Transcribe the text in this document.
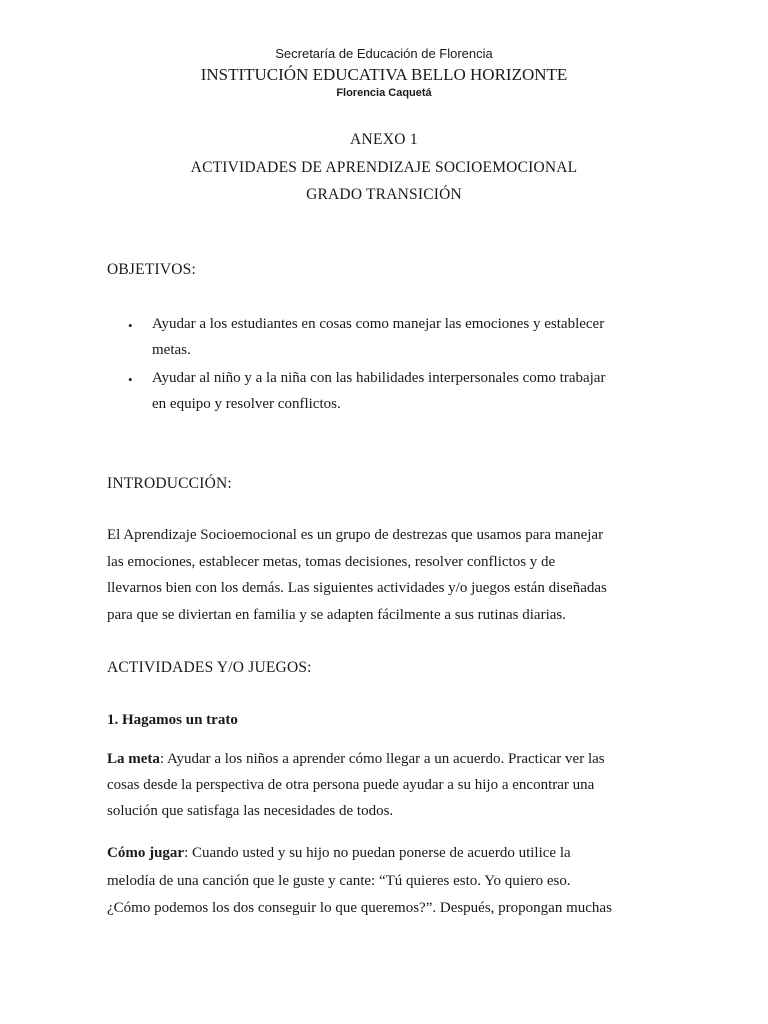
Secretaría de Educación de Florencia
INSTITUCIÓN EDUCATIVA BELLO HORIZONTE
Florencia Caquetá
ANEXO 1
ACTIVIDADES DE APRENDIZAJE SOCIOEMOCIONAL
GRADO TRANSICIÓN
OBJETIVOS:
• Ayudar a los estudiantes en cosas como manejar las emociones y establecer
metas.
• Ayudar al niño y a la niña con las habilidades interpersonales como trabajar
en equipo y resolver conflictos.
INTRODUCCIÓN:
El Aprendizaje Socioemocional es un grupo de destrezas que usamos para manejar
las emociones, establecer metas, tomas decisiones, resolver conflictos y de
llevarnos bien con los demás. Las siguientes actividades y/o juegos están diseñadas
para que se diviertan en familia y se adapten fácilmente a sus rutinas diarias.
ACTIVIDADES Y/O JUEGOS:
1. Hagamos un trato
La meta: Ayudar a los niños a aprender cómo llegar a un acuerdo. Practicar ver las
cosas desde la perspectiva de otra persona puede ayudar a su hijo a encontrar una
solución que satisfaga las necesidades de todos.
Cómo jugar: Cuando usted y su hijo no puedan ponerse de acuerdo utilice la
melodía de una canción que le guste y cante: “Tú quieres esto. Yo quiero eso.
¿Cómo podemos los dos conseguir lo que queremos?”. Después, propongan muchas
